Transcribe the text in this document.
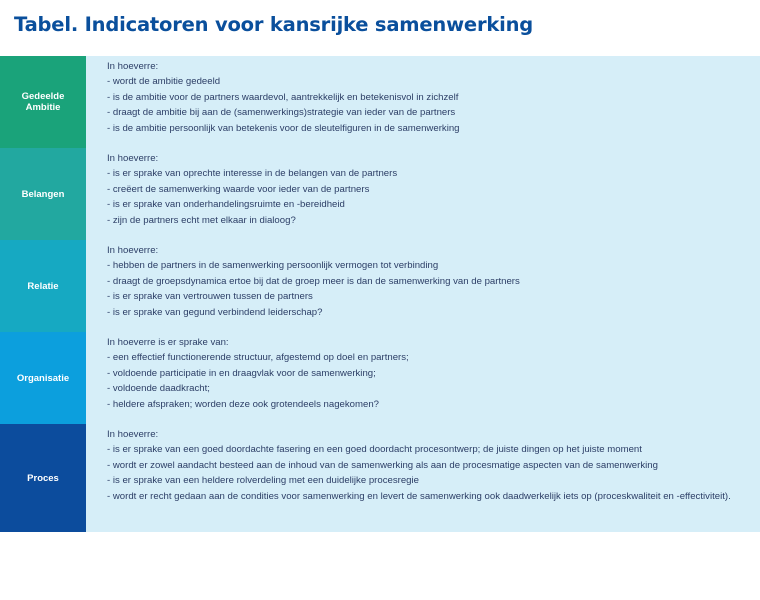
Tabel. Indicatoren voor kansrijke samenwerking
Gedeelde
Ambitie
In hoeverre:
- wordt de ambitie gedeeld
- is de ambitie voor de partners waardevol, aantrekkelijk en betekenisvol in zichzelf
- draagt de ambitie bij aan de (samenwerkings)strategie van ieder van de partners
- is de ambitie persoonlijk van betekenis voor de sleutelfiguren in de samenwerking
Belangen
In hoeverre:
- is er sprake van oprechte interesse in de belangen van de partners
- creëert de samenwerking waarde voor ieder van de partners
- is er sprake van onderhandelingsruimte en -bereidheid
- zijn de partners echt met elkaar in dialoog?
Relatie
In hoeverre:
- hebben de partners in de samenwerking persoonlijk vermogen tot verbinding
- draagt de groepsdynamica ertoe bij dat de groep meer is dan de samenwerking van de partners
- is er sprake van vertrouwen tussen de partners
- is er sprake van gegund verbindend leiderschap?
Organisatie
In hoeverre is er sprake van:
- een effectief functionerende structuur, afgestemd op doel en partners;
- voldoende participatie in en draagvlak voor de samenwerking;
- voldoende daadkracht;
- heldere afspraken; worden deze ook grotendeels nagekomen?
Proces
In hoeverre:
- is er sprake van een goed doordachte fasering en een goed doordacht procesontwerp; de juiste dingen op het juiste moment
- wordt er zowel aandacht besteed aan de inhoud van de samenwerking als aan de procesmatige aspecten van de samenwerking
- is er sprake van een heldere rolverdeling met een duidelijke procesregie
- wordt er recht gedaan aan de condities voor samenwerking en levert de samenwerking ook daadwerkelijk iets op (proceskwaliteit en -effectiviteit).
